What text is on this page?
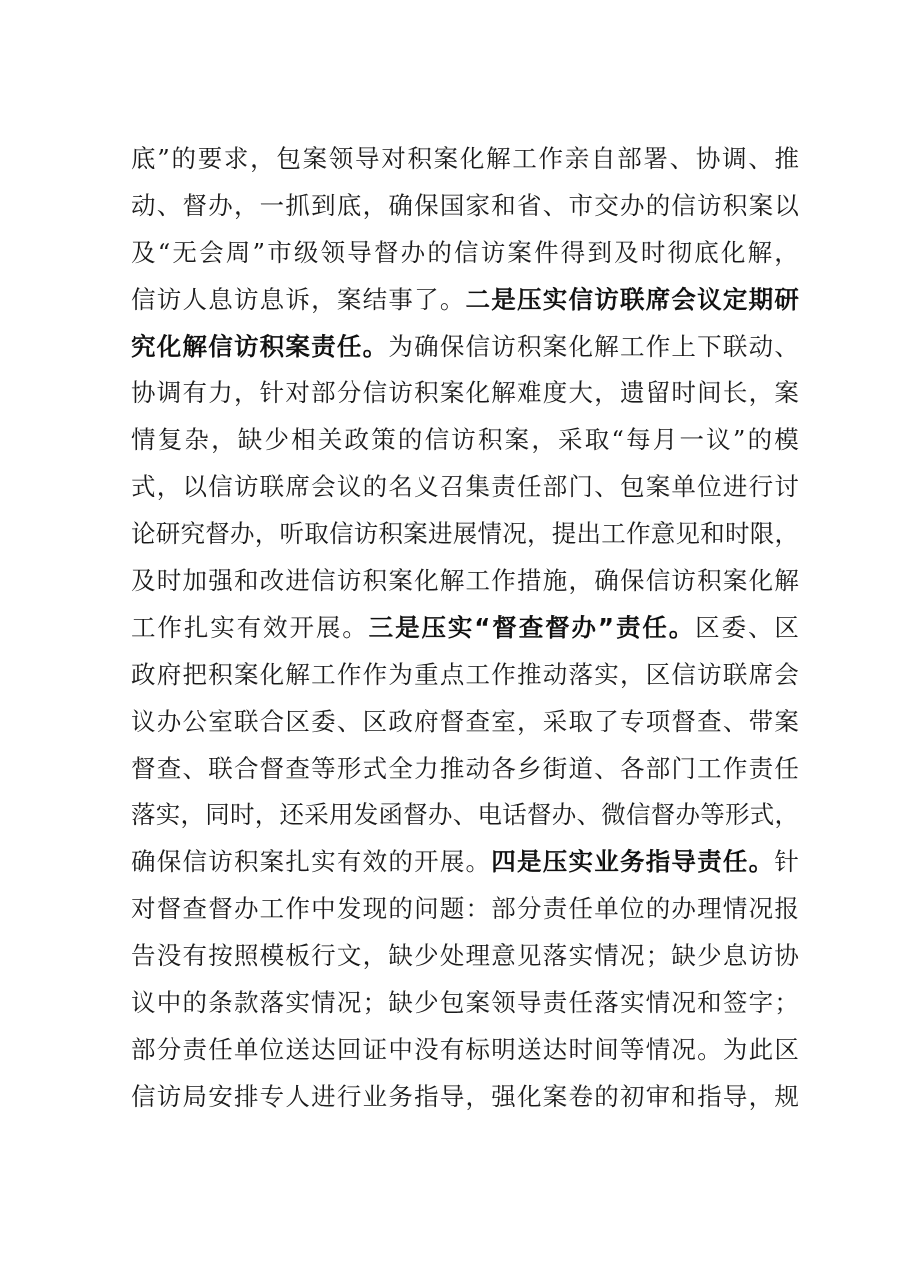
底 ” 的 要 求 ， 包 案 领 导 对 积 案 化 解 工 作 亲 自 部 署 、 协 调 、 推
动 、 督 办 ， 一 抓 到 底 ， 确 保 国 家 和 省 、 市 交 办 的 信 访 积 案 以
及 “ 无 会 周 ” 市 级 领 导 督 办 的 信 访 案 件 得 到 及 时 彻 底 化 解 ，
信 访 人 息 访 息 诉 ， 案 结 事 了 。 二 是 压 实 信 访 联 席 会 议 定 期 研
究 化 解 信 访 积 案 责 任 。 为 确 保 信 访 积 案 化 解 工 作 上 下 联 动 、
协 调 有 力 ， 针 对 部 分 信 访 积 案 化 解 难 度 大 ， 遗 留 时 间 长 ， 案
情 复 杂 ， 缺 少 相 关 政 策 的 信 访 积 案 ， 采 取 “ 每 月 一 议 ” 的 模
式 ， 以 信 访 联 席 会 议 的 名 义 召 集 责 任 部 门 、 包 案 单 位 进 行 讨
论 研 究 督 办 ， 听 取 信 访 积 案 进 展 情 况 ， 提 出 工 作 意 见 和 时 限 ，
及 时 加 强 和 改 进 信 访 积 案 化 解 工 作 措 施 ， 确 保 信 访 积 案 化 解
工 作 扎 实 有 效 开 展 。 三 是 压 实 “ 督 查 督 办 ” 责 任 。 区 委 、 区
政 府 把 积 案 化 解 工 作 作 为 重 点 工 作 推 动 落 实 ， 区 信 访 联 席 会
议 办 公 室 联 合 区 委 、 区 政 府 督 查 室 ， 采 取 了 专 项 督 查 、 带 案
督 查 、 联 合 督 查 等 形 式 全 力 推 动 各 乡 街 道 、 各 部 门 工 作 责 任
落 实 ， 同 时 ， 还 采 用 发 函 督 办 、 电 话 督 办 、 微 信 督 办 等 形 式 ，
确 保 信 访 积 案 扎 实 有 效 的 开 展 。 四 是 压 实 业 务 指 导 责 任 。 针
对 督 查 督 办 工 作 中 发 现 的 问 题 ： 部 分 责 任 单 位 的 办 理 情 况 报
告 没 有 按 照 模 板 行 文 ， 缺 少 处 理 意 见 落 实 情 况 ； 缺 少 息 访 协
议 中 的 条 款 落 实 情 况 ； 缺 少 包 案 领 导 责 任 落 实 情 况 和 签 字 ；
部 分 责 任 单 位 送 达 回 证 中 没 有 标 明 送 达 时 间 等 情 况 。 为 此 区
信 访 局 安 排 专 人 进 行 业 务 指 导 ， 强 化 案 卷 的 初 审 和 指 导 ， 规
